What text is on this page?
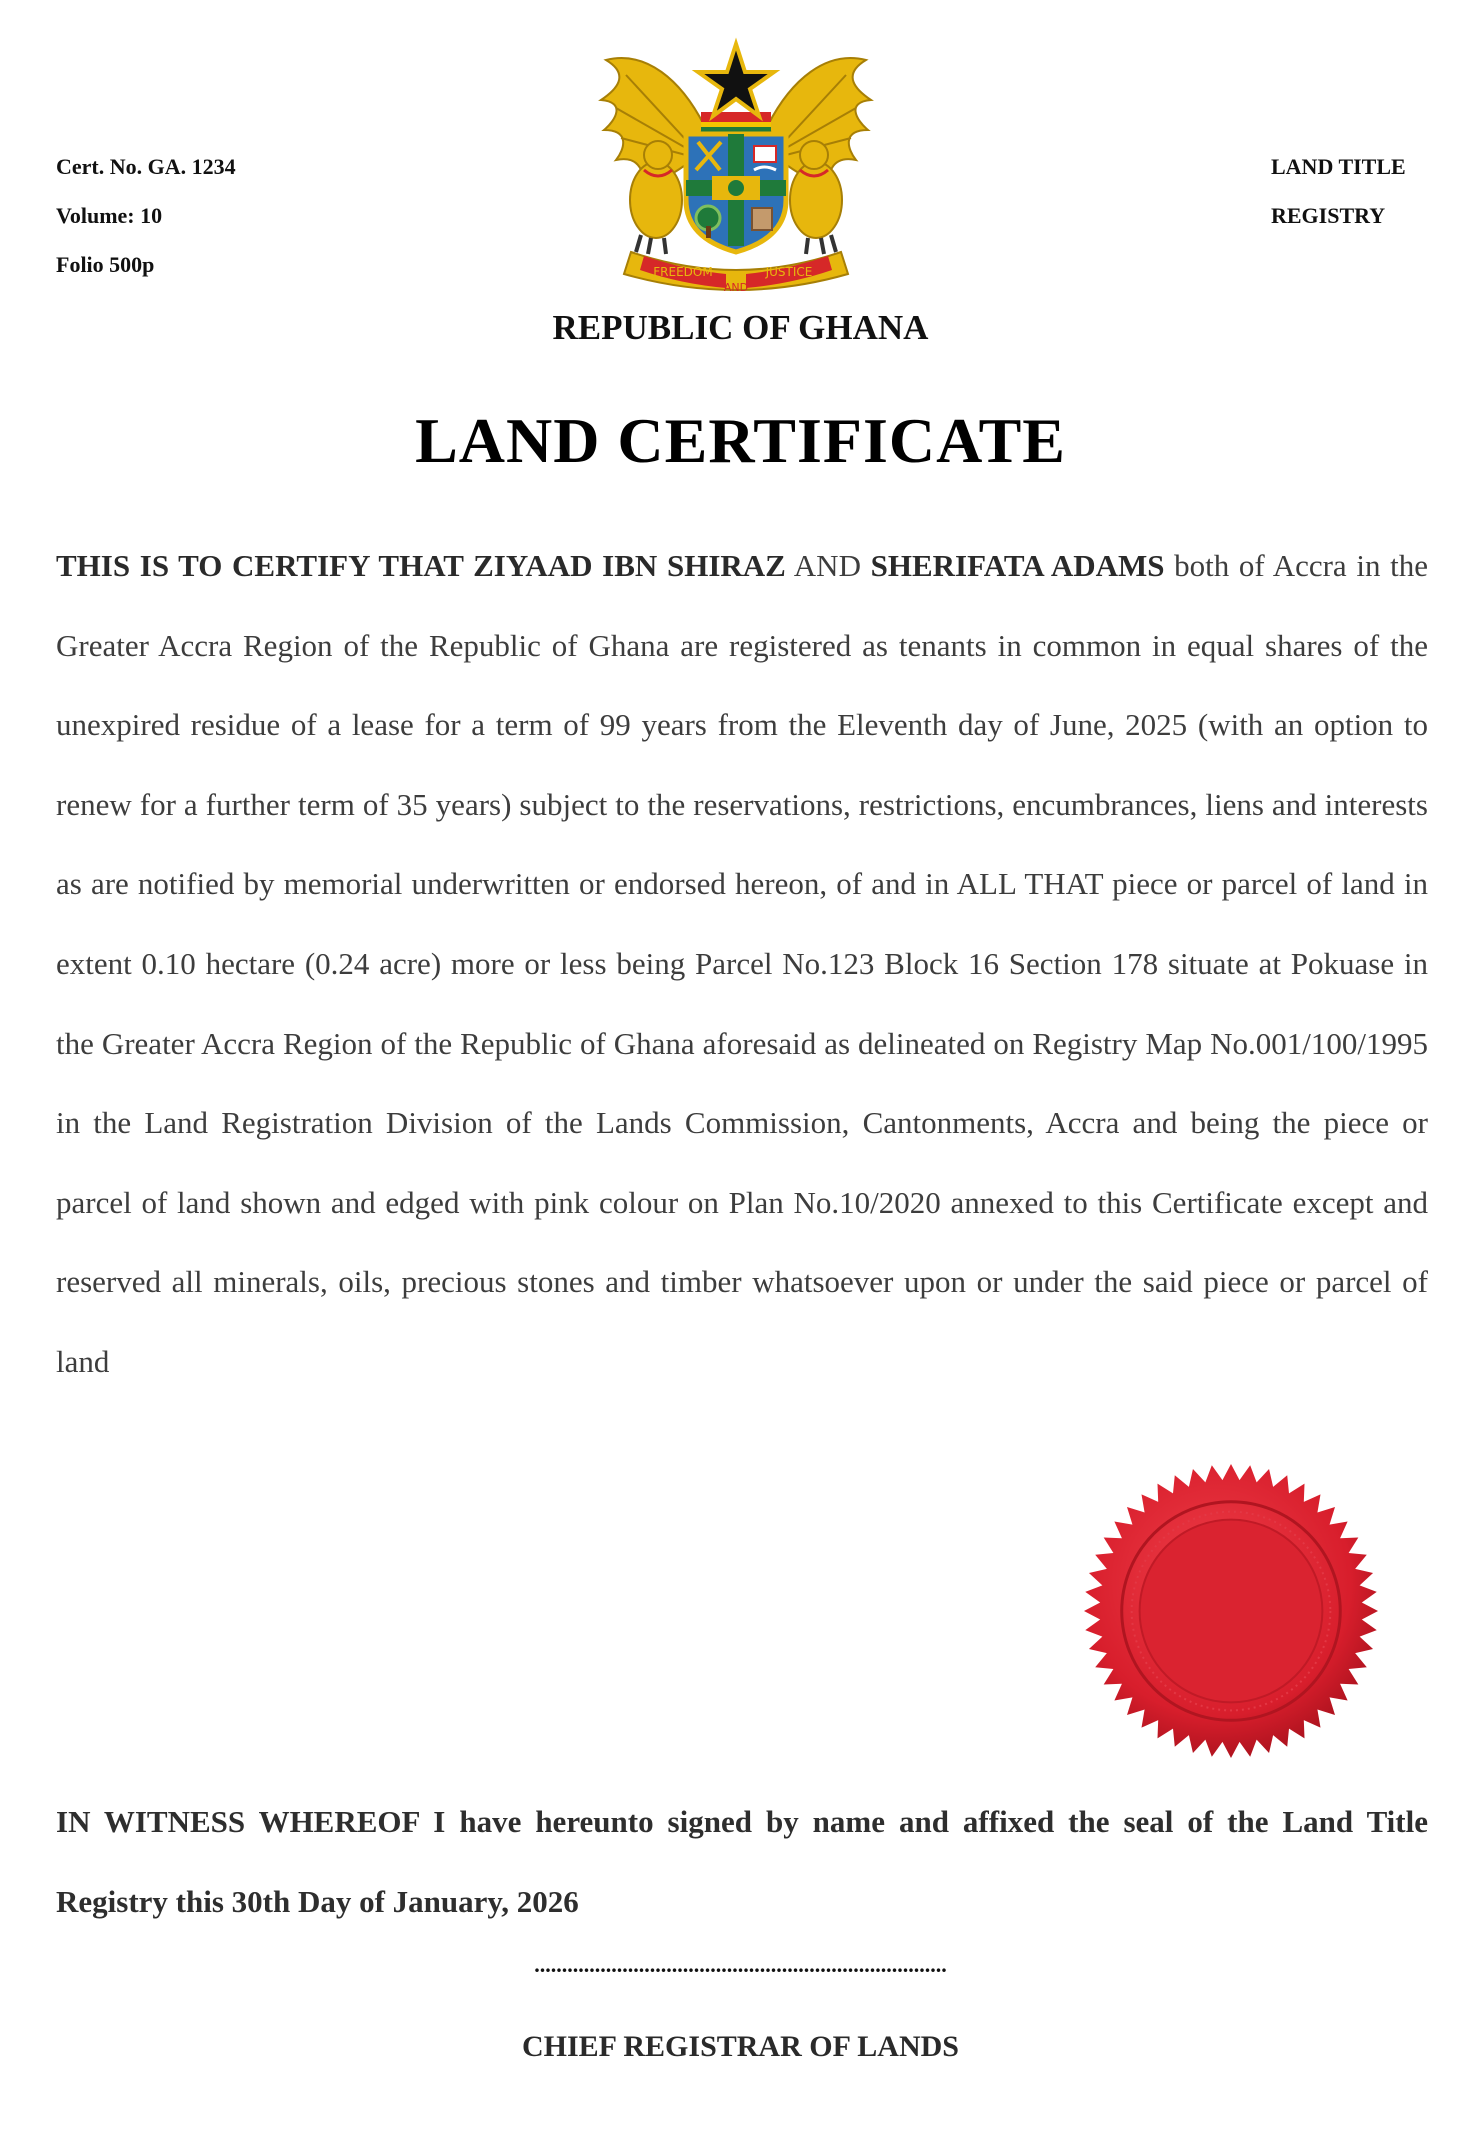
Cert. No. GA. 1234
Volume: 10
Folio 500p
LAND TITLE
REGISTRY
FREEDOM
AND
JUSTICE
REPUBLIC OF GHANA
LAND CERTIFICATE

THIS IS TO CERTIFY THAT ZIYAAD IBN SHIRAZ AND SHERIFATA ADAMS both of Accra in the Greater Accra Region of the Republic of Ghana are registered as tenants in common in equal shares of the unexpired residue of a lease for a term of 99 years from the Eleventh day of June, 2025 (with an option to renew for a further term of 35 years) subject to the reservations, restrictions, encumbrances, liens and interests as are notified by memorial underwritten or endorsed hereon, of and in ALL THAT piece or parcel of land in extent 0.10 hectare (0.24 acre) more or less being Parcel No.123 Block 16 Section 178 situate at Pokuase in the Greater Accra Region of the Republic of Ghana aforesaid as delineated on Registry Map No.001/100/1995 in the Land Registration Division of the Lands Commission, Cantonments, Accra and being the piece or parcel of land shown and edged with pink colour on Plan No.10/2020 annexed to this Certificate except and reserved all minerals, oils, precious stones and timber whatsoever upon or under the said piece or parcel of land

IN WITNESS WHEREOF I have hereunto signed by name and affixed the seal of the Land Title Registry this 30th Day of January, 2026

...........................................................................
CHIEF REGISTRAR OF LANDS
